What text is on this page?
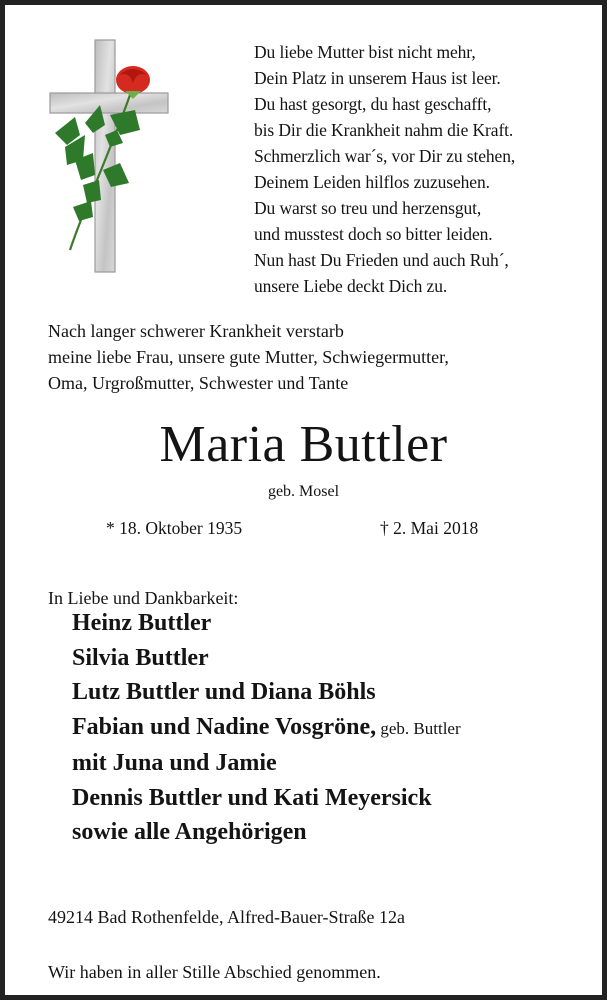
Du liebe Mutter bist nicht mehr,
Dein Platz in unserem Haus ist leer.
Du hast gesorgt, du hast geschafft,
bis Dir die Krankheit nahm die Kraft.
Schmerzlich war´s, vor Dir zu stehen,
Deinem Leiden hilflos zuzusehen.
Du warst so treu und herzensgut,
und musstest doch so bitter leiden.
Nun hast Du Frieden und auch Ruh´,
unsere Liebe deckt Dich zu.
Nach langer schwerer Krankheit verstarb
meine liebe Frau, unsere gute Mutter, Schwiegermutter,
Oma, Urgroßmutter, Schwester und Tante
Maria Buttler
geb. Mosel
* 18. Oktober 1935	† 2. Mai 2018
In Liebe und Dankbarkeit:
Heinz Buttler
Silvia Buttler
Lutz Buttler und Diana Böhls
Fabian und Nadine Vosgröne, geb. Buttler
mit Juna und Jamie
Dennis Buttler und Kati Meyersick
sowie alle Angehörigen
49214 Bad Rothenfelde, Alfred-Bauer-Straße 12a
Wir haben in aller Stille Abschied genommen.
